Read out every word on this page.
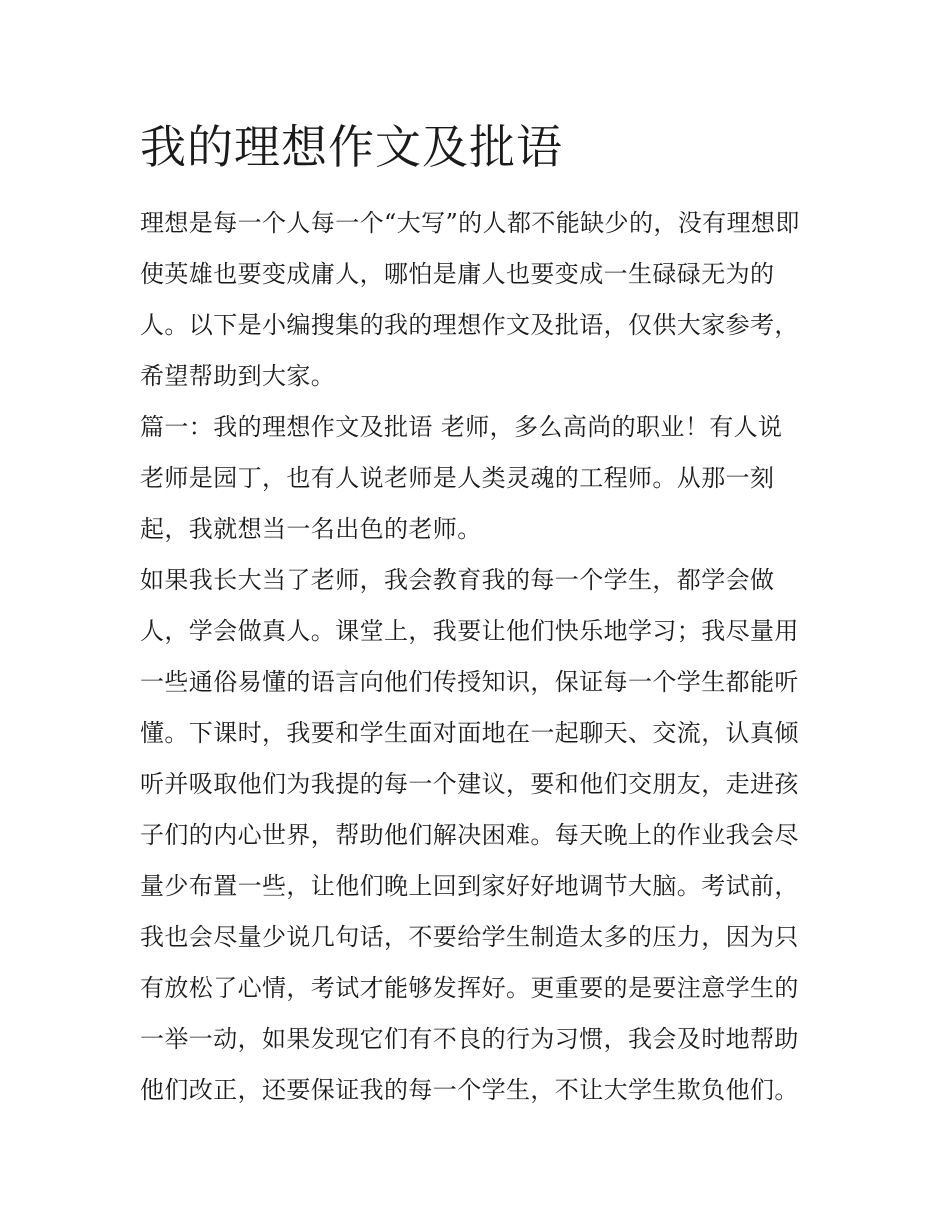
我的理想作文及批语
理想是每一个人每一个“大写”的人都不能缺少的，没有理想即
使英雄也要变成庸人，哪怕是庸人也要变成一生碌碌无为的
人。以下是小编搜集的我的理想作文及批语，仅供大家参考，
希望帮助到大家。
篇一：我的理想作文及批语 老师，多么高尚的职业！有人说
老师是园丁，也有人说老师是人类灵魂的工程师。从那一刻
起，我就想当一名出色的老师。
如果我长大当了老师，我会教育我的每一个学生，都学会做
人，学会做真人。课堂上，我要让他们快乐地学习；我尽量用
一些通俗易懂的语言向他们传授知识，保证每一个学生都能听
懂。下课时，我要和学生面对面地在一起聊天、交流，认真倾
听并吸取他们为我提的每一个建议，要和他们交朋友，走进孩
子们的内心世界，帮助他们解决困难。每天晚上的作业我会尽
量少布置一些，让他们晚上回到家好好地调节大脑。考试前，
我也会尽量少说几句话，不要给学生制造太多的压力，因为只
有放松了心情，考试才能够发挥好。更重要的是要注意学生的
一举一动，如果发现它们有不良的行为习惯，我会及时地帮助
他们改正，还要保证我的每一个学生，不让大学生欺负他们。
